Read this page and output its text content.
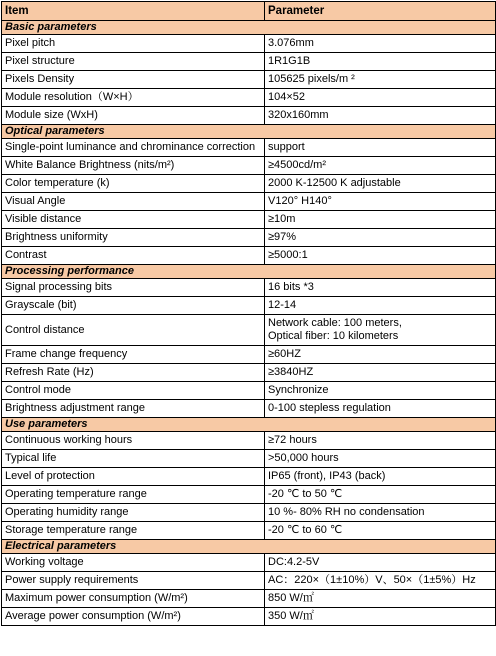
Item	Parameter
Basic parameters	
Pixel pitch	3.076mm
Pixel structure	1R1G1B
Pixels Density	105625 pixels/m ²
Module resolution（W×H）	104×52
Module size (WxH)	320x160mm
Optical parameters	
Single-point luminance and chrominance correction	support
White Balance Brightness (nits/m²)	≥4500cd/m²
Color temperature (k)	2000 K-12500 K adjustable
Visual Angle	V120° H140°
Visible distance	≥10m
Brightness uniformity	≥97%
Contrast	≥5000:1
Processing performance	
Signal processing bits	16 bits *3
Grayscale (bit)	12-14
Control distance	Network cable: 100 meters,
Optical fiber: 10 kilometers

Frame change frequency	≥60HZ
Refresh Rate (Hz)	≥3840HZ
Control mode	Synchronize
Brightness adjustment range	0-100 stepless regulation
Use parameters	
Continuous working hours	≥72 hours
Typical life	>50,000 hours
Level of protection	IP65 (front), IP43 (back)
Operating temperature range	-20 ℃ to 50 ℃
Operating humidity range	10 %- 80% RH no condensation
Storage temperature range	-20 ℃ to 60 ℃
Electrical parameters	
Working voltage	DC:4.2-5V
Power supply requirements	AC：220×（1±10%）V、50×（1±5%）Hz
Maximum power consumption (W/m²)	850 W/㎡
Average power consumption (W/m²)	350 W/㎡
